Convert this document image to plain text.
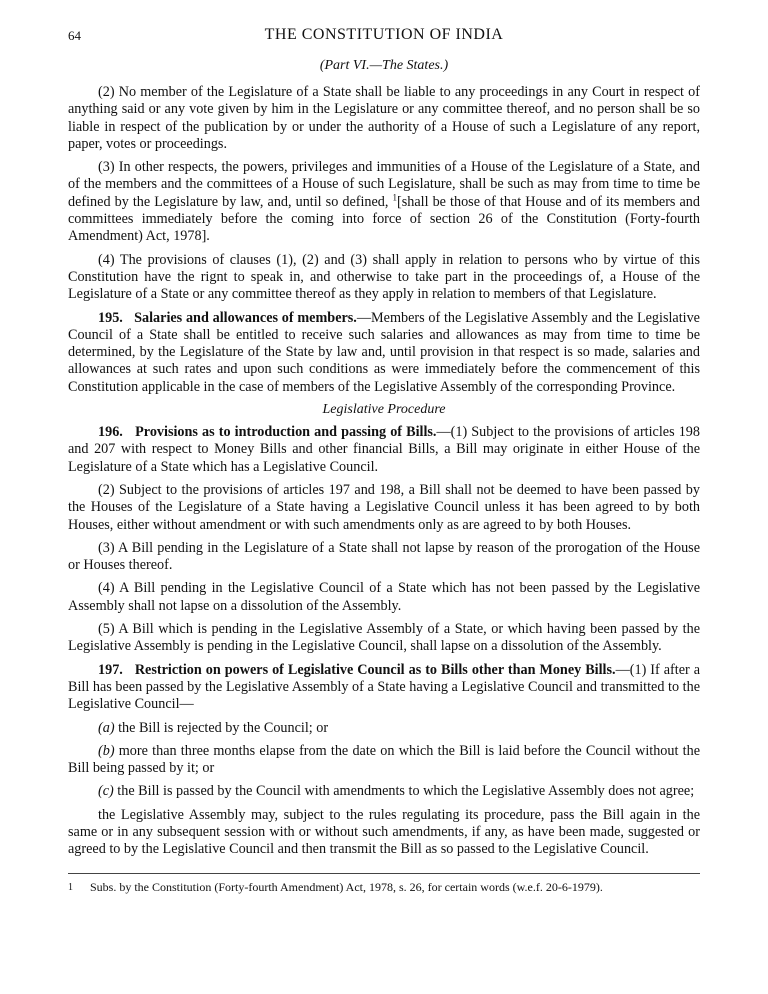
64	THE CONSTITUTION OF INDIA
(Part VI.—The States.)

(2) No member of the Legislature of a State shall be liable to any proceedings in any Court in respect of anything said or any vote given by him in the Legislature or any committee thereof, and no person shall be so liable in respect of the publication by or under the authority of a House of such a Legislature of any report, paper, votes or proceedings.

(3) In other respects, the powers, privileges and immunities of a House of the Legislature of a State, and of the members and the committees of a House of such Legislature, shall be such as may from time to time be defined by the Legislature by law, and, until so defined, $^1$[shall be those of that House and of its members and committees immediately before the coming into force of section 26 of the Constitution (Forty-fourth Amendment) Act, 1978].

(4) The provisions of clauses (1), (2) and (3) shall apply in relation to persons who by virtue of this Constitution have the rignt to speak in, and otherwise to take part in the proceedings of, a House of the Legislature of a State or any committee thereof as they apply in relation to members of that Legislature.

195. Salaries and allowances of members.—Members of the Legislative Assembly and the Legislative Council of a State shall be entitled to receive such salaries and allowances as may from time to time be determined, by the Legislature of the State by law and, until provision in that respect is so made, salaries and allowances at such rates and upon such conditions as were immediately before the commencement of this Constitution applicable in the case of members of the Legislative Assembly of the corresponding Province.

Legislative Procedure

196. Provisions as to introduction and passing of Bills.—(1) Subject to the provisions of articles 198 and 207 with respect to Money Bills and other financial Bills, a Bill may originate in either House of the Legislature of a State which has a Legislative Council.

(2) Subject to the provisions of articles 197 and 198, a Bill shall not be deemed to have been passed by the Houses of the Legislature of a State having a Legislative Council unless it has been agreed to by both Houses, either without amendment or with such amendments only as are agreed to by both Houses.

(3) A Bill pending in the Legislature of a State shall not lapse by reason of the prorogation of the House or Houses thereof.

(4) A Bill pending in the Legislative Council of a State which has not been passed by the Legislative Assembly shall not lapse on a dissolution of the Assembly.

(5) A Bill which is pending in the Legislative Assembly of a State, or which having been passed by the Legislative Assembly is pending in the Legislative Council, shall lapse on a dissolution of the Assembly.

197. Restriction on powers of Legislative Council as to Bills other than Money Bills.—(1) If after a Bill has been passed by the Legislative Assembly of a State having a Legislative Council and transmitted to the Legislative Council—

(a) the Bill is rejected by the Council; or

(b) more than three months elapse from the date on which the Bill is laid before the Council without the Bill being passed by it; or

(c) the Bill is passed by the Council with amendments to which the Legislative Assembly does not agree;

the Legislative Assembly may, subject to the rules regulating its procedure, pass the Bill again in the same or in any subsequent session with or without such amendments, if any, as have been made, suggested or agreed to by the Legislative Council and then transmit the Bill as so passed to the Legislative Council.

1 Subs. by the Constitution (Forty-fourth Amendment) Act, 1978, s. 26, for certain words (w.e.f. 20-6-1979).
